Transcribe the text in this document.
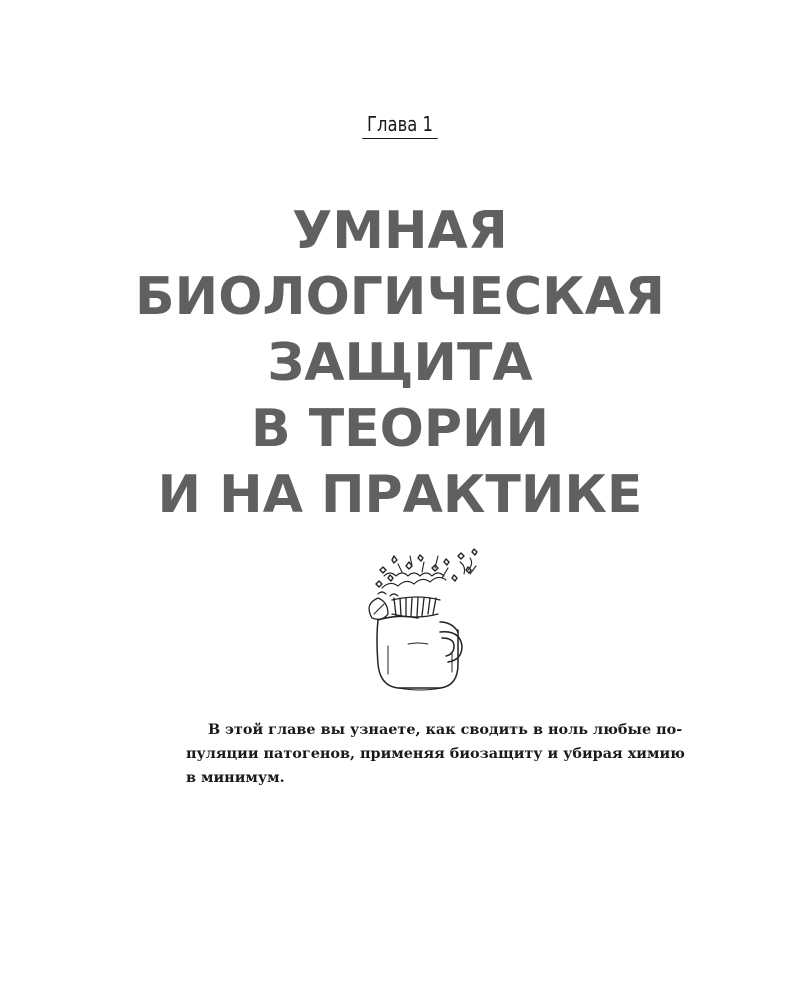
Глава 1
УМНАЯ
БИОЛОГИЧЕСКАЯ
ЗАЩИТА
В ТЕОРИИ
И НА ПРАКТИКЕ
В этой главе вы узнаете, как сводить в ноль любые по-
пуляции патогенов, применяя биозащиту и убирая химию
в минимум.
